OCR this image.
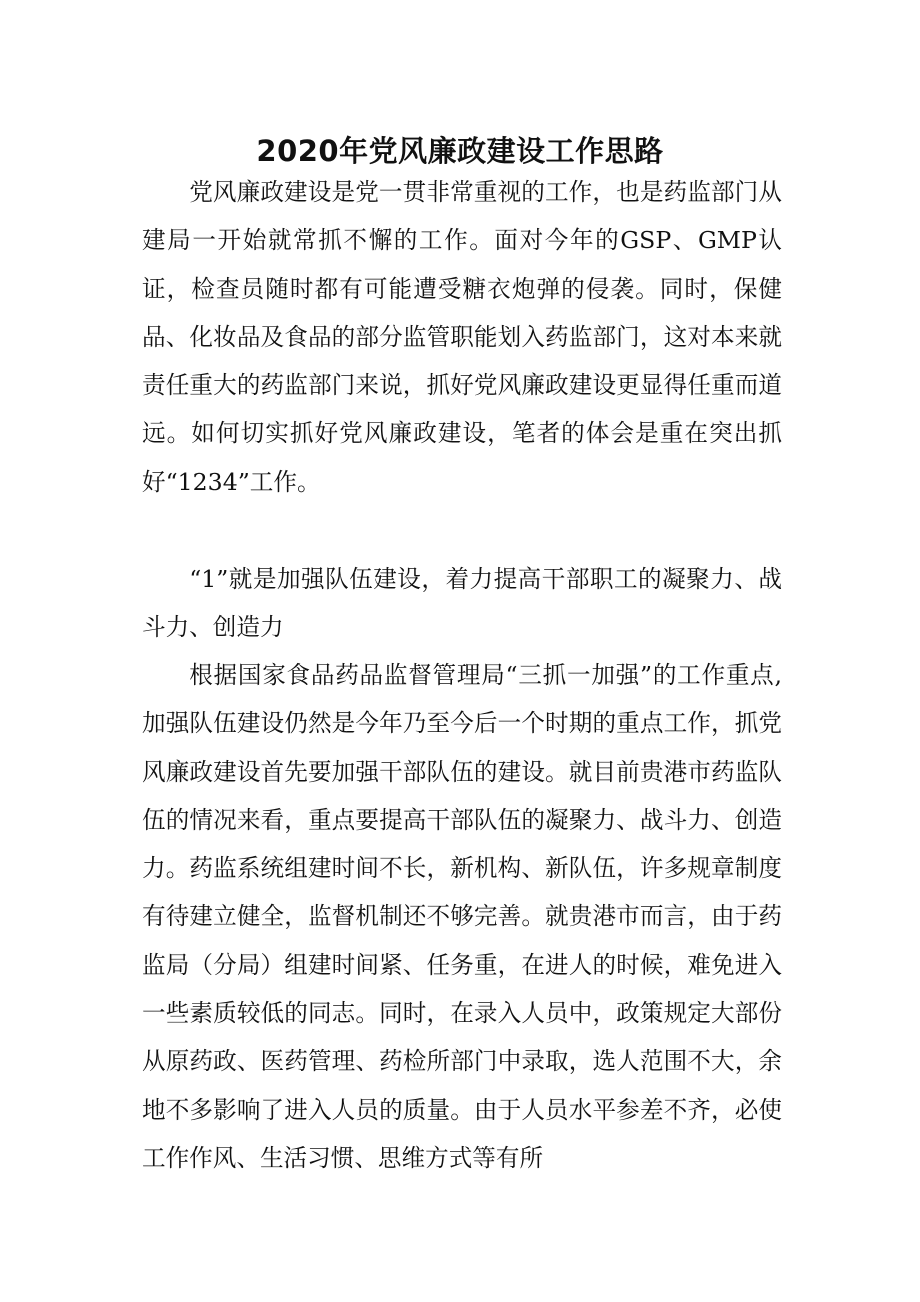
2020年党风廉政建设工作思路

党风廉政建设是党一贯非常重视的工作，也是药监部门从建局一开始就常抓不懈的工作。面对今年的GSP、GMP认证，检查员随时都有可能遭受糖衣炮弹的侵袭。同时，保健品、化妆品及食品的部分监管职能划入药监部门，这对本来就责任重大的药监部门来说，抓好党风廉政建设更显得任重而道远。如何切实抓好党风廉政建设，笔者的体会是重在突出抓好“1234”工作。

“1”就是加强队伍建设，着力提高干部职工的凝聚力、战斗力、创造力

根据国家食品药品监督管理局“三抓一加强”的工作重点,加强队伍建设仍然是今年乃至今后一个时期的重点工作，抓党风廉政建设首先要加强干部队伍的建设。就目前贵港市药监队伍的情况来看，重点要提高干部队伍的凝聚力、战斗力、创造力。药监系统组建时间不长，新机构、新队伍，许多规章制度有待建立健全，监督机制还不够完善。就贵港市而言，由于药监局（分局）组建时间紧、任务重，在进人的时候，难免进入一些素质较低的同志。同时，在录入人员中，政策规定大部份从原药政、医药管理、药检所部门中录取，选人范围不大，余地不多影响了进入人员的质量。由于人员水平参差不齐，必使工作作风、生活习惯、思维方式等有所
